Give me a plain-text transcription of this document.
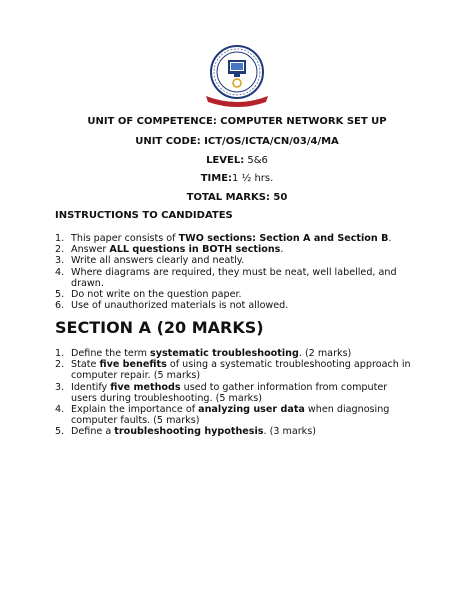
UNIT OF COMPETENCE: COMPUTER NETWORK SET UP
UNIT CODE: ICT/OS/ICTA/CN/03/4/MA
LEVEL: 5&6
TIME:1 ½ hrs.
TOTAL MARKS: 50
INSTRUCTIONS TO CANDIDATES
1. This paper consists of TWO sections: Section A and Section B.
2. Answer ALL questions in BOTH sections.
3. Write all answers clearly and neatly.
4. Where diagrams are required, they must be neat, well labelled, and
drawn.
5. Do not write on the question paper.
6. Use of unauthorized materials is not allowed.
SECTION A (20 MARKS)
1. Define the term systematic troubleshooting. (2 marks)
2. State five benefits of using a systematic troubleshooting approach in
computer repair. (5 marks)
3. Identify five methods used to gather information from computer
users during troubleshooting. (5 marks)
4. Explain the importance of analyzing user data when diagnosing
computer faults. (5 marks)
5. Define a troubleshooting hypothesis. (3 marks)
